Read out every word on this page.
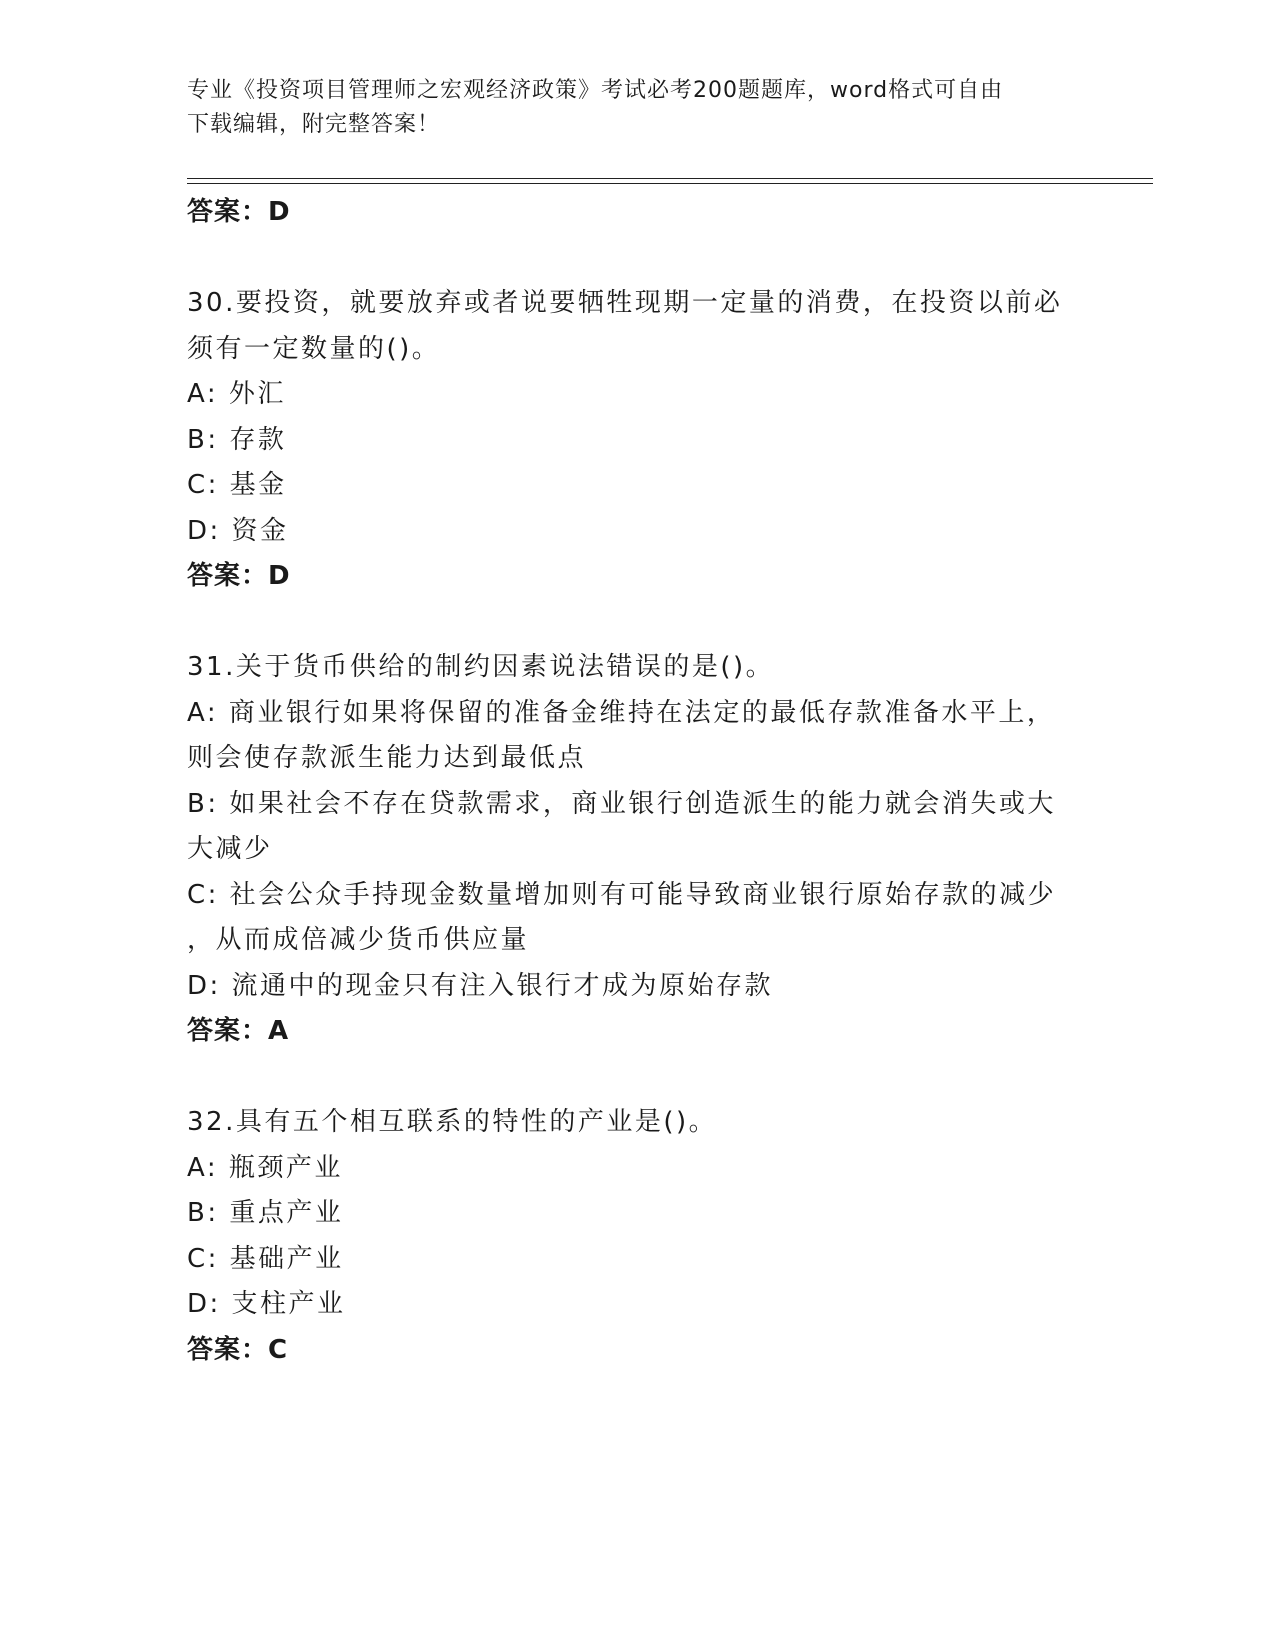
专业《投资项目管理师之宏观经济政策》考试必考200题题库，word格式可自由
下载编辑，附完整答案！
答案：D
30.要投资，就要放弃或者说要牺牲现期一定量的消费，在投资以前必
须有一定数量的()。
A: 外汇
B: 存款
C: 基金
D: 资金
答案：D
31.关于货币供给的制约因素说法错误的是()。
A: 商业银行如果将保留的准备金维持在法定的最低存款准备水平上，
则会使存款派生能力达到最低点
B: 如果社会不存在贷款需求，商业银行创造派生的能力就会消失或大
大减少
C: 社会公众手持现金数量增加则有可能导致商业银行原始存款的减少
，从而成倍减少货币供应量
D: 流通中的现金只有注入银行才成为原始存款
答案：A
32.具有五个相互联系的特性的产业是()。
A: 瓶颈产业
B: 重点产业
C: 基础产业
D: 支柱产业
答案：C
